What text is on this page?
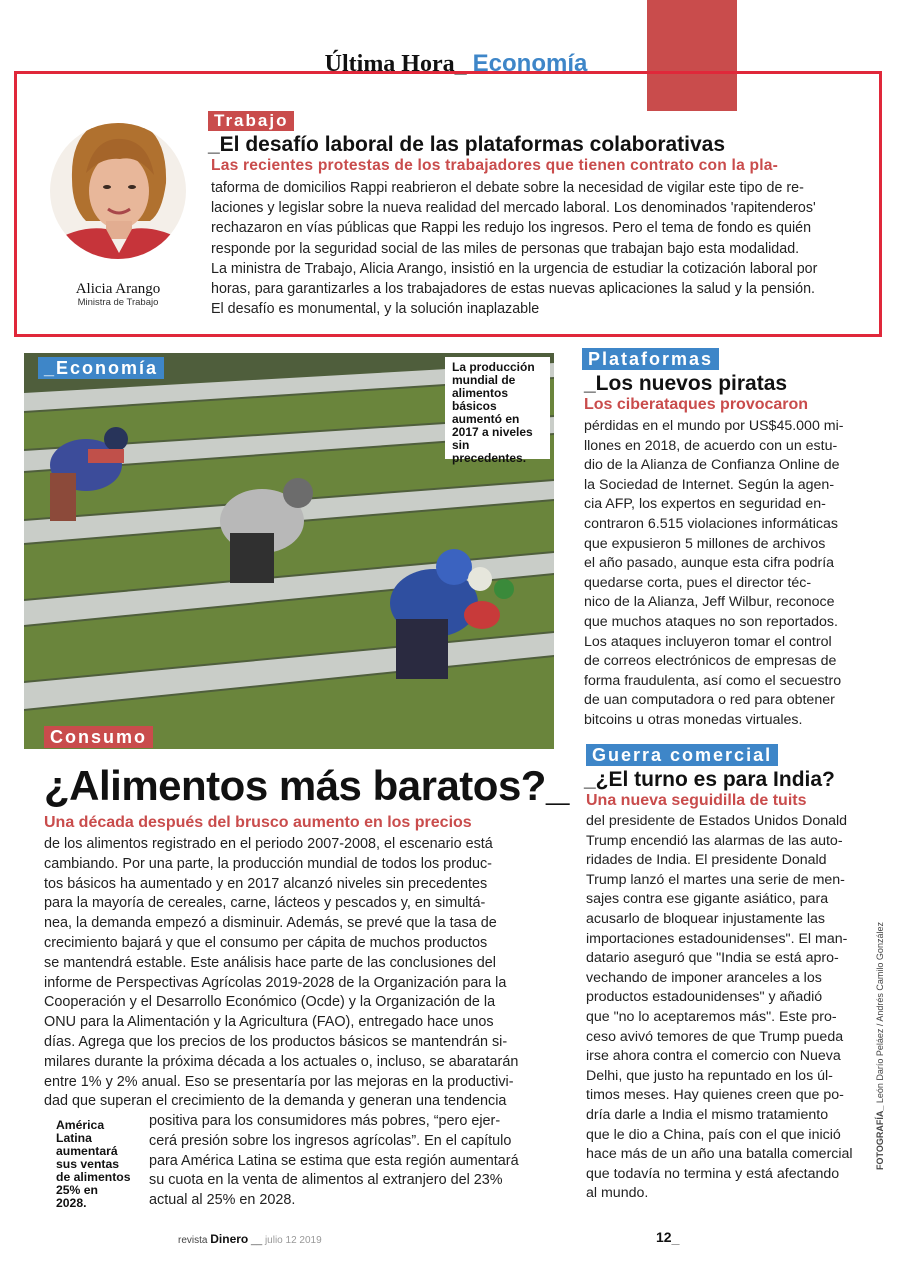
Última Hora_ Economía
Alicia Arango
Ministra de Trabajo
Trabajo
_El desafío laboral de las plataformas colaborativas
Las recientes protestas de los trabajadores que tienen contrato con la pla-

taforma de domicilios Rappi reabrieron el debate sobre la necesidad de vigilar este tipo de re-

laciones y legislar sobre la nueva realidad del mercado laboral. Los denominados 'rapitenderos'

rechazaron en vías públicas que Rappi les redujo los ingresos. Pero el tema de fondo es quién

responde por la seguridad social de las miles de personas que trabajan bajo esta modalidad.

La ministra de Trabajo, Alicia Arango, insistió en la urgencia de estudiar la cotización laboral por

horas, para garantizarles a los trabajadores de estas nuevas aplicaciones la salud y la pensión.

El desafío es monumental, y la solución inaplazable

_Economía	La producción
mundial de
alimentos
básicos
aumentó en
2017 a niveles
sin precedentes.
Consumo
¿Alimentos más baratos?_
Una década después del brusco aumento en los precios

de los alimentos registrado en el periodo 2007-2008, el escenario está

cambiando. Por una parte, la producción mundial de todos los produc-

tos básicos ha aumentado y en 2017 alcanzó niveles sin precedentes

para la mayoría de cereales, carne, lácteos y pescados y, en simultá-

nea, la demanda empezó a disminuir. Además, se prevé que la tasa de

crecimiento bajará y que el consumo per cápita de muchos productos

se mantendrá estable. Este análisis hace parte de las conclusiones del

informe de Perspectivas Agrícolas 2019-2028 de la Organización para la

Cooperación y el Desarrollo Económico (Ocde) y la Organización de la

ONU para la Alimentación y la Agricultura (FAO), entregado hace unos

días. Agrega que los precios de los productos básicos se mantendrán si-

milares durante la próxima década a los actuales o, incluso, se abaratarán

entre 1% y 2% anual. Eso se presentaría por las mejoras en la productivi-

dad que superan el crecimiento de la demanda y generan una tendencia

positiva para los consumidores más pobres, “pero ejer-

cerá presión sobre los ingresos agrícolas”. En el capítulo

para América Latina se estima que esta región aumentará

su cuota en la venta de alimentos al extranjero del 23%

actual al 25% en 2028.

América
Latina
aumentará
sus ventas
de alimentos
25% en
2028.
Plataformas
_Los nuevos piratas
Los ciberataques provocaron

pérdidas en el mundo por US$45.000 mi-

llones en 2018, de acuerdo con un estu-

dio de la Alianza de Confianza Online de

la Sociedad de Internet. Según la agen-

cia AFP, los expertos en seguridad en-

contraron 6.515 violaciones informáticas

que expusieron 5 millones de archivos

el año pasado, aunque esta cifra podría

quedarse corta, pues el director téc-

nico de la Alianza, Jeff Wilbur, reconoce

que muchos ataques no son reportados.

Los ataques incluyeron tomar el control

de correos electrónicos de empresas de

forma fraudulenta, así como el secuestro

de uan computadora o red para obtener

bitcoins u otras monedas virtuales.

Guerra comercial
_¿El turno es para India?
Una nueva seguidilla de tuits

del presidente de Estados Unidos Donald

Trump encendió las alarmas de las auto-

ridades de India. El presidente Donald

Trump lanzó el martes una serie de men-

sajes contra ese gigante asiático, para

acusarlo de bloquear injustamente las

importaciones estadounidenses". El man-

datario aseguró que "India se está apro-

vechando de imponer aranceles a los

productos estadounidenses" y añadió

que "no lo aceptaremos más". Este pro-

ceso avivó temores de que Trump pueda

irse ahora contra el comercio con Nueva

Delhi, que justo ha repuntado en los úl-

timos meses. Hay quienes creen que po-

dría darle a India el mismo tratamiento

que le dio a China, país con el que inició

hace más de un año una batalla comercial

que todavía no termina y está afectando

al mundo.

FOTOGRAFÍA_ León Darío Peláez / Andrés Camilo González
revista Dinero __ julio 12 2019	12_
